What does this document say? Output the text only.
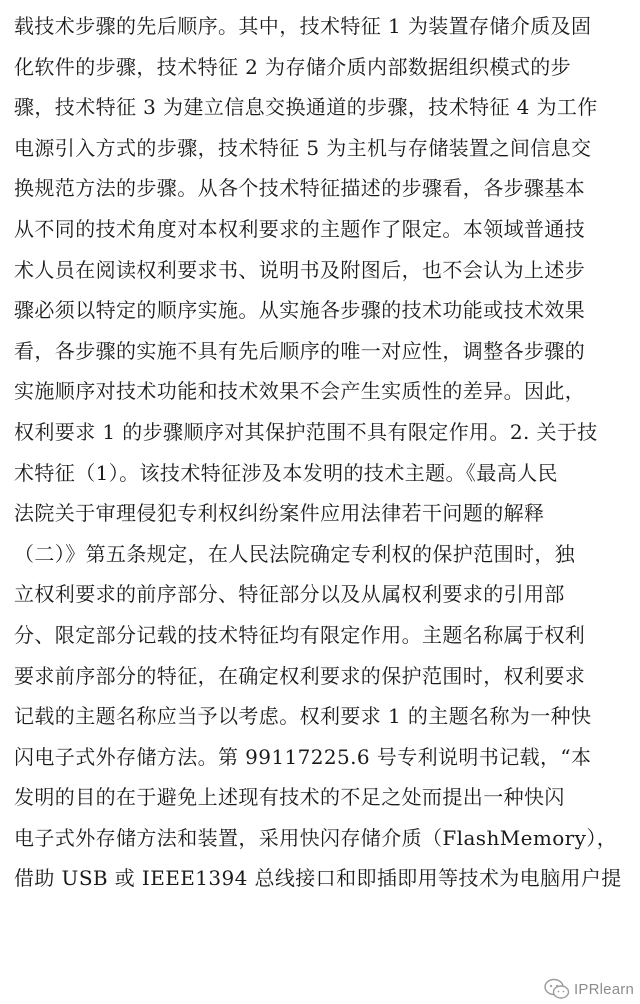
载技术步骤的先后顺序。其中，技术特征 1 为装置存储介质及固
化软件的步骤，技术特征 2 为存储介质内部数据组织模式的步
骤，技术特征 3 为建立信息交换通道的步骤，技术特征 4 为工作
电源引入方式的步骤，技术特征 5 为主机与存储装置之间信息交
换规范方法的步骤。从各个技术特征描述的步骤看，各步骤基本
从不同的技术角度对本权利要求的主题作了限定。本领域普通技
术人员在阅读权利要求书、说明书及附图后，也不会认为上述步
骤必须以特定的顺序实施。从实施各步骤的技术功能或技术效果
看，各步骤的实施不具有先后顺序的唯一对应性，调整各步骤的
实施顺序对技术功能和技术效果不会产生实质性的差异。因此，
权利要求 1 的步骤顺序对其保护范围不具有限定作用。2. 关于技
术特征（1）。该技术特征涉及本发明的技术主题。《最高人民
法院关于审理侵犯专利权纠纷案件应用法律若干问题的解释
（二）》第五条规定，在人民法院确定专利权的保护范围时，独
立权利要求的前序部分、特征部分以及从属权利要求的引用部
分、限定部分记载的技术特征均有限定作用。主题名称属于权利
要求前序部分的特征，在确定权利要求的保护范围时，权利要求
记载的主题名称应当予以考虑。权利要求 1 的主题名称为一种快
闪电子式外存储方法。第 99117225.6 号专利说明书记载，“本
发明的目的在于避免上述现有技术的不足之处而提出一种快闪
电子式外存储方法和装置，采用快闪存储介质（FlashMemory），
借助 USB 或 IEEE1394 总线接口和即插即用等技术为电脑用户提
IPRlearn
